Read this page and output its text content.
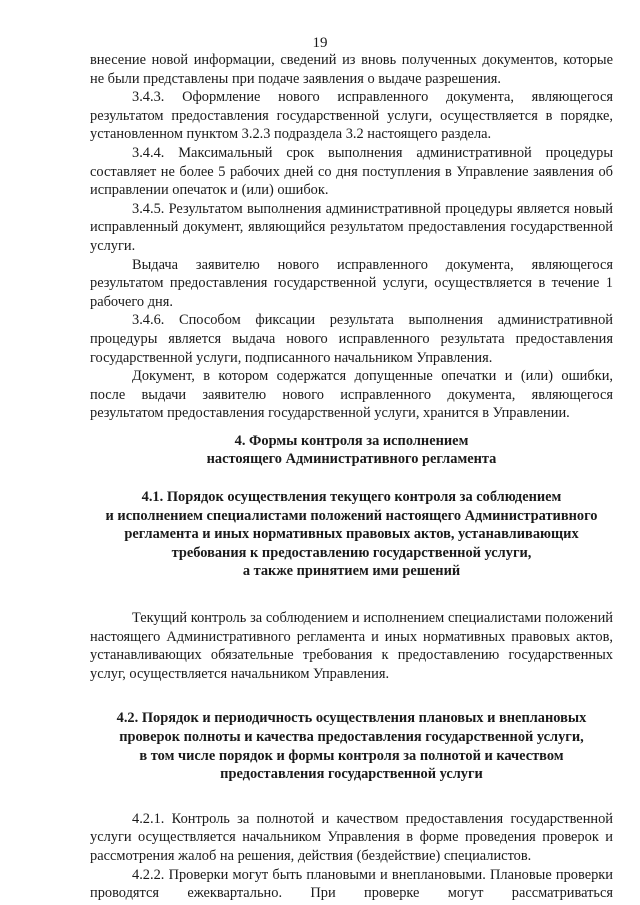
19

внесение новой информации, сведений из вновь полученных документов, которые не были представлены при подаче заявления о выдаче разрешения.

3.4.3. Оформление нового исправленного документа, являющегося результатом предоставления государственной услуги, осуществляется в порядке, установленном пунктом 3.2.3 подраздела 3.2 настоящего раздела.

3.4.4. Максимальный срок выполнения административной процедуры составляет не более 5 рабочих дней со дня поступления в Управление заявления об исправлении опечаток и (или) ошибок.

3.4.5. Результатом выполнения административной процедуры является новый исправленный документ, являющийся результатом предоставления государственной услуги.

Выдача заявителю нового исправленного документа, являющегося результатом предоставления государственной услуги, осуществляется в течение 1 рабочего дня.

3.4.6. Способом фиксации результата выполнения административной процедуры является выдача нового исправленного результата предоставления государственной услуги, подписанного начальником Управления.

Документ, в котором содержатся допущенные опечатки и (или) ошибки, после выдачи заявителю нового исправленного документа, являющегося результатом предоставления государственной услуги, хранится в Управлении.

4. Формы контроля за исполнением
настоящего Административного регламента
4.1. Порядок осуществления текущего контроля за соблюдением
и исполнением специалистами положений настоящего Административного
регламента и иных нормативных правовых актов, устанавливающих
требования к предоставлению государственной услуги,
а также принятием ими решений

Текущий контроль за соблюдением и исполнением специалистами положений настоящего Административного регламента и иных нормативных правовых актов, устанавливающих обязательные требования к предоставлению государственных услуг, осуществляется начальником Управления.

4.2. Порядок и периодичность осуществления плановых и внеплановых
проверок полноты и качества предоставления государственной услуги,
в том числе порядок и формы контроля за полнотой и качеством
предоставления государственной услуги

4.2.1. Контроль за полнотой и качеством предоставления государственной услуги осуществляется начальником Управления в форме проведения проверок и рассмотрения жалоб на решения, действия (бездействие) специалистов.

4.2.2. Проверки могут быть плановыми и внеплановыми. Плановые проверки проводятся ежеквартально. При проверке могут рассматриваться
